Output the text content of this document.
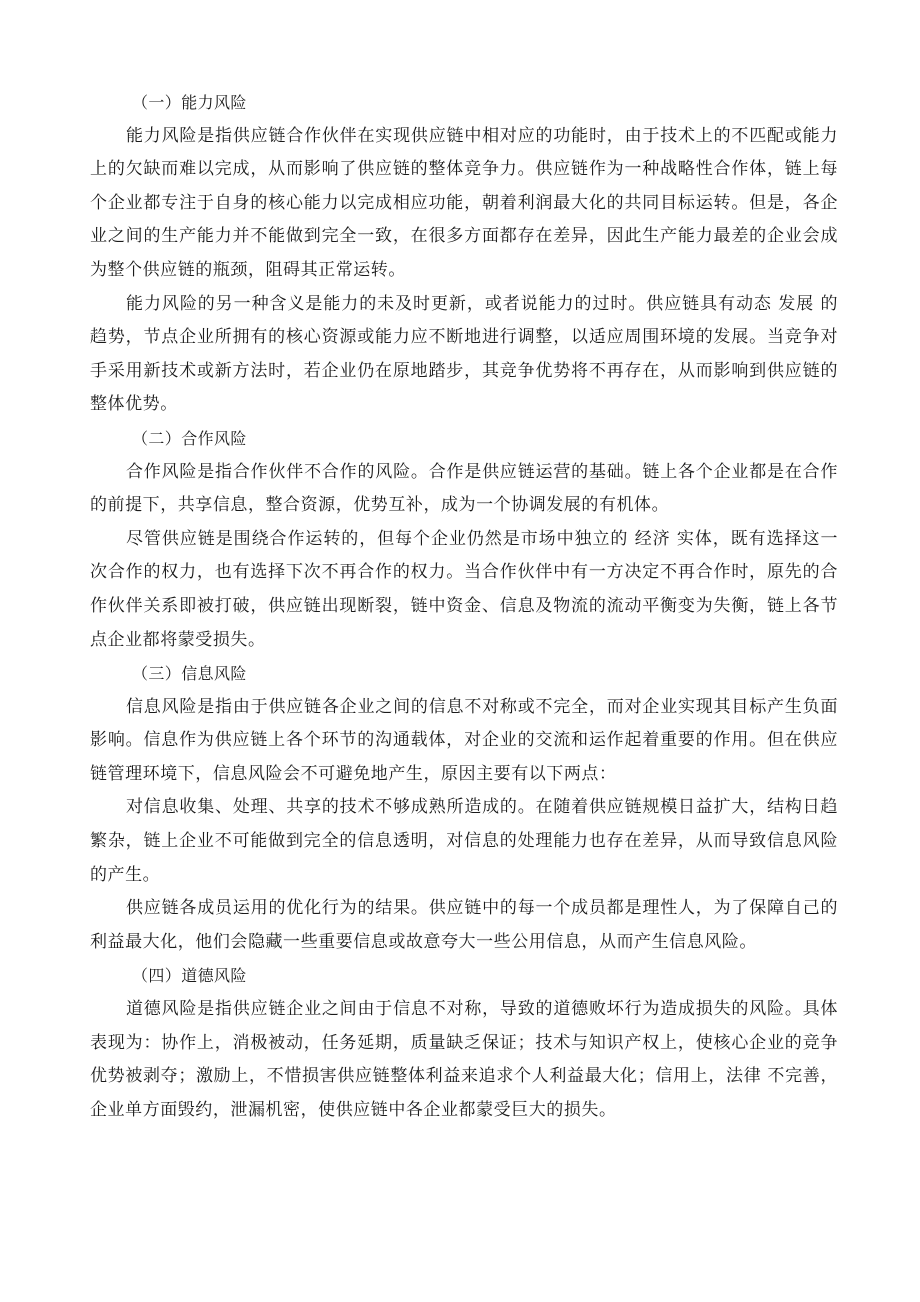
（一）能力风险

能力风险是指供应链合作伙伴在实现供应链中相对应的功能时，由于技术上的不匹配或能力上的欠缺而难以完成，从而影响了供应链的整体竞争力。供应链作为一种战略性合作体，链上每个企业都专注于自身的核心能力以完成相应功能，朝着利润最大化的共同目标运转。但是，各企业之间的生产能力并不能做到完全一致，在很多方面都存在差异，因此生产能力最差的企业会成为整个供应链的瓶颈，阻碍其正常运转。

能力风险的另一种含义是能力的未及时更新，或者说能力的过时。供应链具有动态 发展 的趋势，节点企业所拥有的核心资源或能力应不断地进行调整，以适应周围环境的发展。当竞争对手采用新技术或新方法时，若企业仍在原地踏步，其竞争优势将不再存在，从而影响到供应链的整体优势。

（二）合作风险

合作风险是指合作伙伴不合作的风险。合作是供应链运营的基础。链上各个企业都是在合作的前提下，共享信息，整合资源，优势互补，成为一个协调发展的有机体。

尽管供应链是围绕合作运转的，但每个企业仍然是市场中独立的 经济 实体，既有选择这一次合作的权力，也有选择下次不再合作的权力。当合作伙伴中有一方决定不再合作时，原先的合作伙伴关系即被打破，供应链出现断裂，链中资金、信息及物流的流动平衡变为失衡，链上各节点企业都将蒙受损失。

（三）信息风险

信息风险是指由于供应链各企业之间的信息不对称或不完全，而对企业实现其目标产生负面影响。信息作为供应链上各个环节的沟通载体，对企业的交流和运作起着重要的作用。但在供应链管理环境下，信息风险会不可避免地产生，原因主要有以下两点：

对信息收集、处理、共享的技术不够成熟所造成的。在随着供应链规模日益扩大，结构日趋繁杂，链上企业不可能做到完全的信息透明，对信息的处理能力也存在差异，从而导致信息风险的产生。

供应链各成员运用的优化行为的结果。供应链中的每一个成员都是理性人，为了保障自己的利益最大化，他们会隐藏一些重要信息或故意夸大一些公用信息，从而产生信息风险。

（四）道德风险

道德风险是指供应链企业之间由于信息不对称，导致的道德败坏行为造成损失的风险。具体表现为：协作上，消极被动，任务延期，质量缺乏保证；技术与知识产权上，使核心企业的竞争优势被剥夺；激励上，不惜损害供应链整体利益来追求个人利益最大化；信用上，法律 不完善，企业单方面毁约，泄漏机密，使供应链中各企业都蒙受巨大的损失。
